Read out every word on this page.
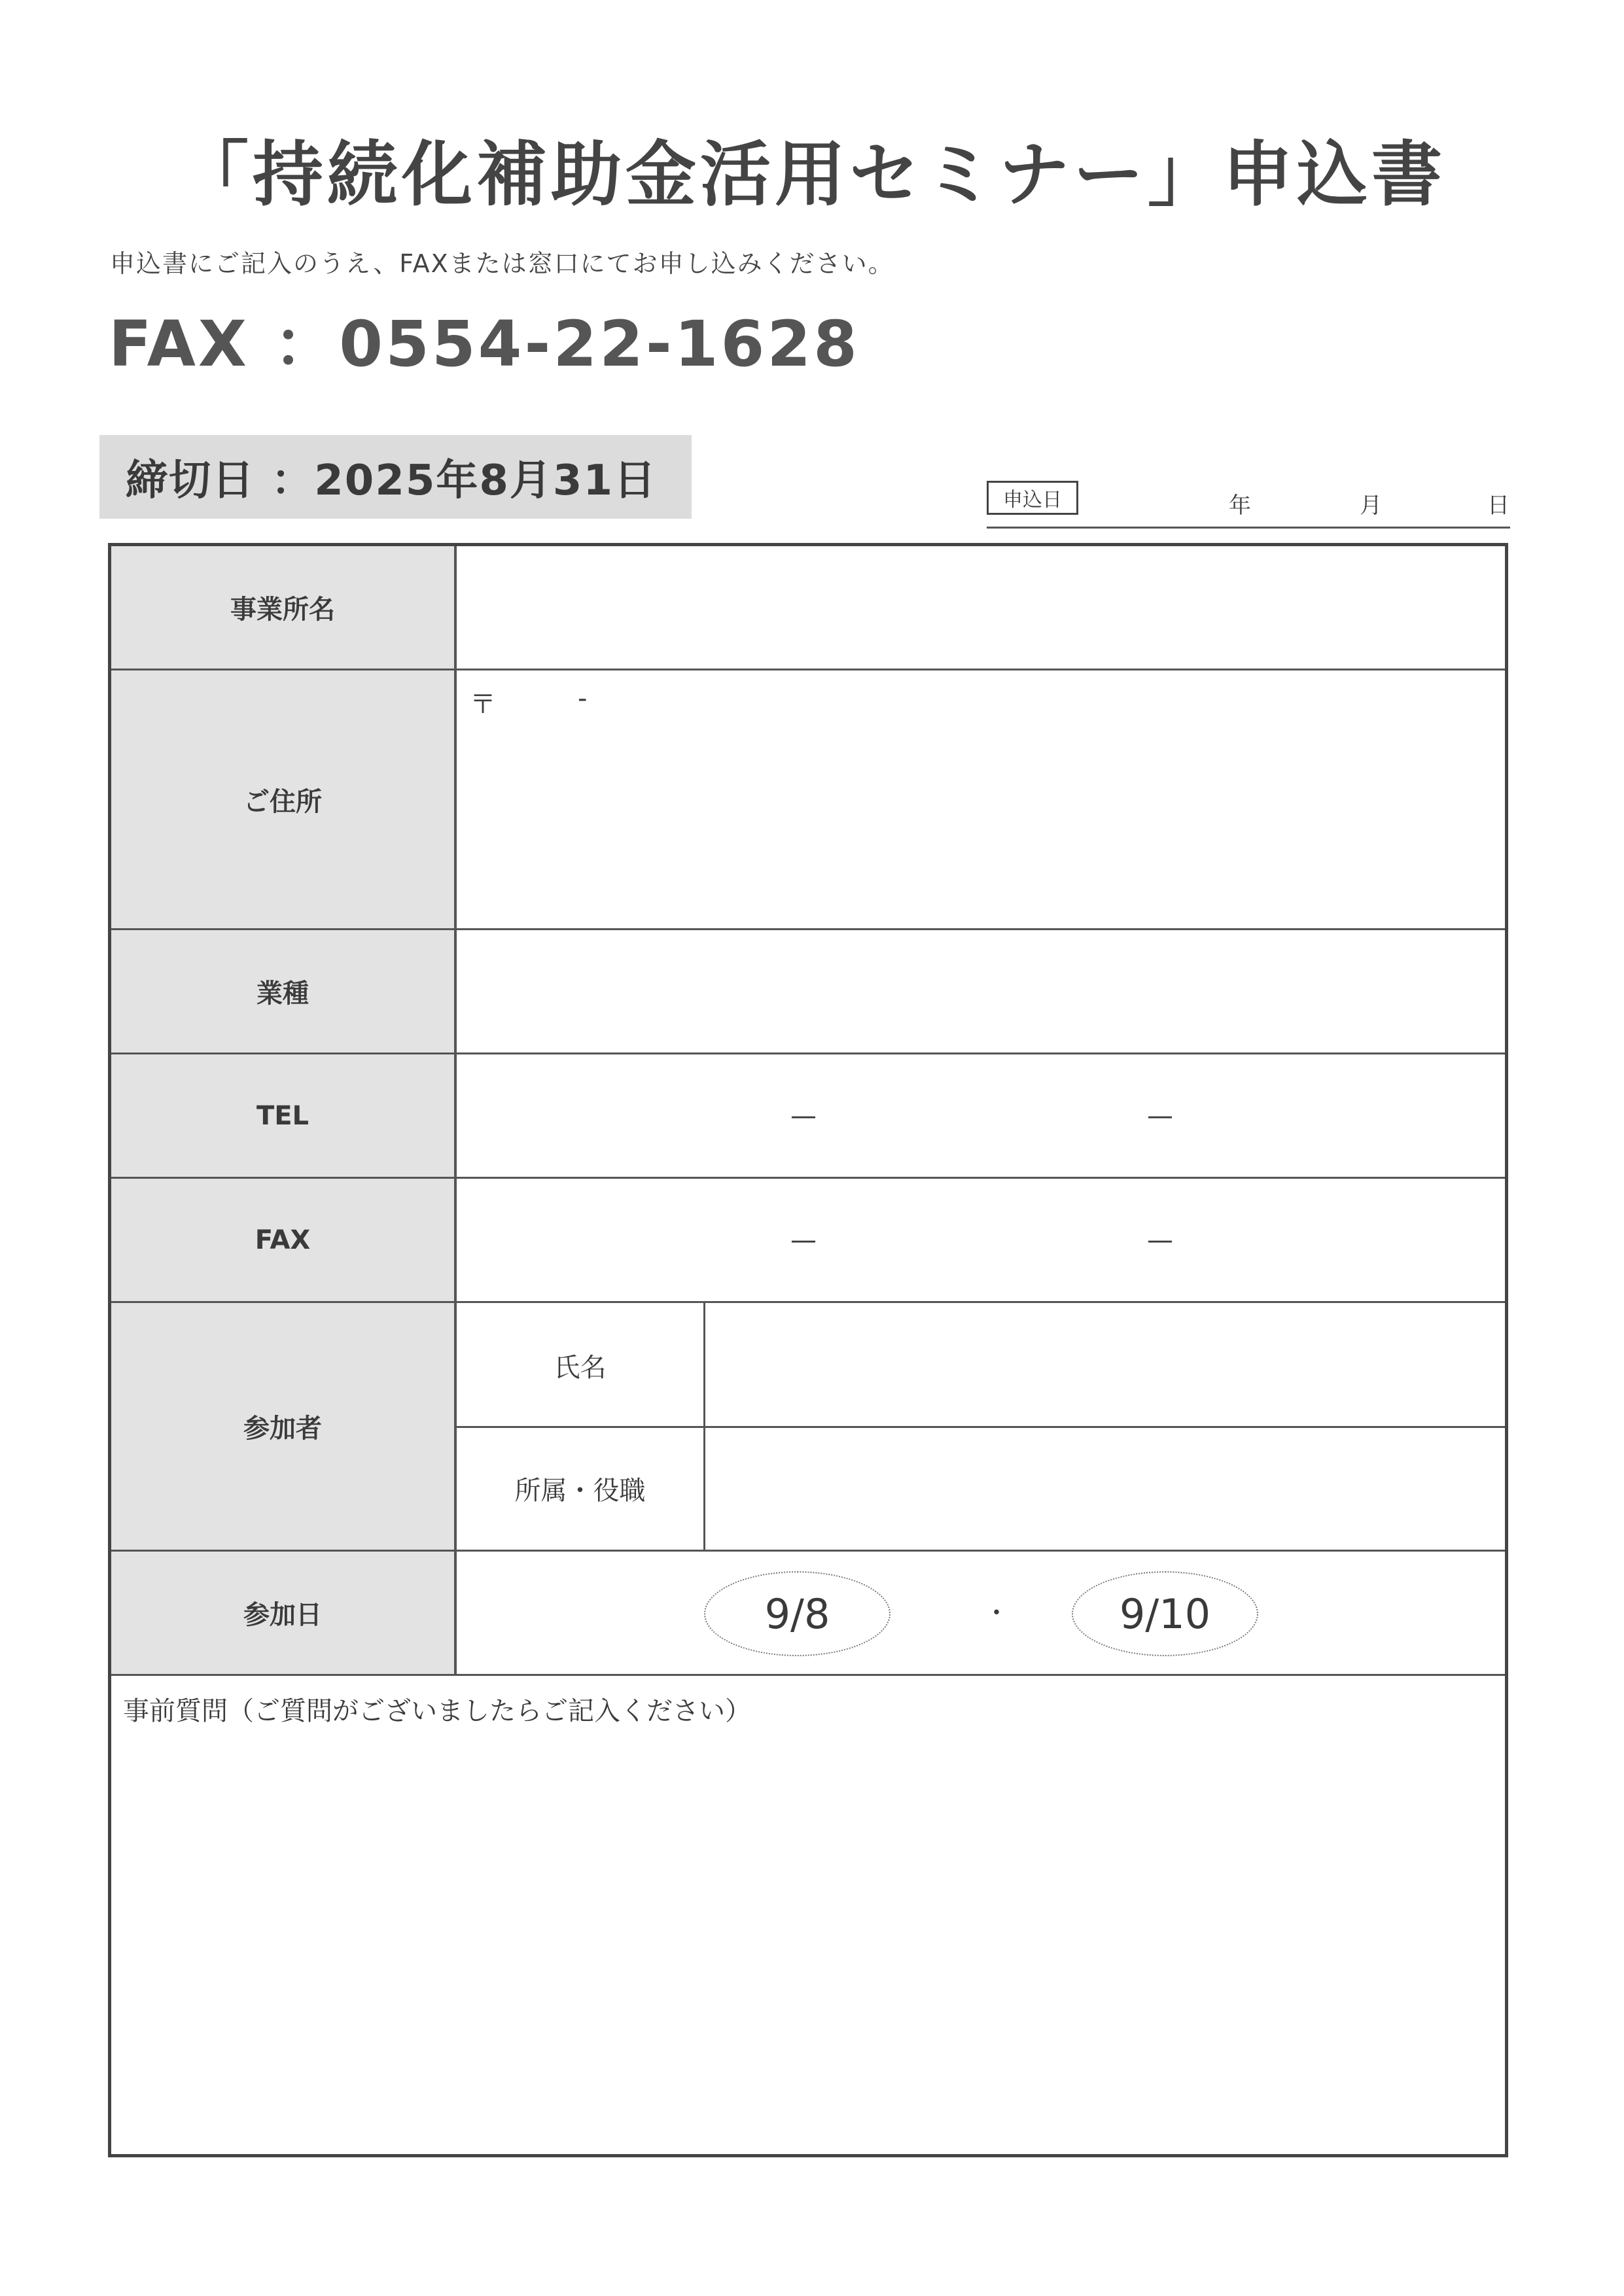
「持続化補助金活用セミナー」申込書
申込書にご記入のうえ、FAXまたは窓口にてお申し込みください。
FAX ：0554-22-1628
締切日 ：2025年8月31日	申込日	年	月	日
事業所名
ご住所
〒	-
業種
TEL	—	—
FAX	—	—
参加者
氏名
所属・役職
参加日	9/8	・	9/10
事前質問（ご質問がございましたらご記入ください）
